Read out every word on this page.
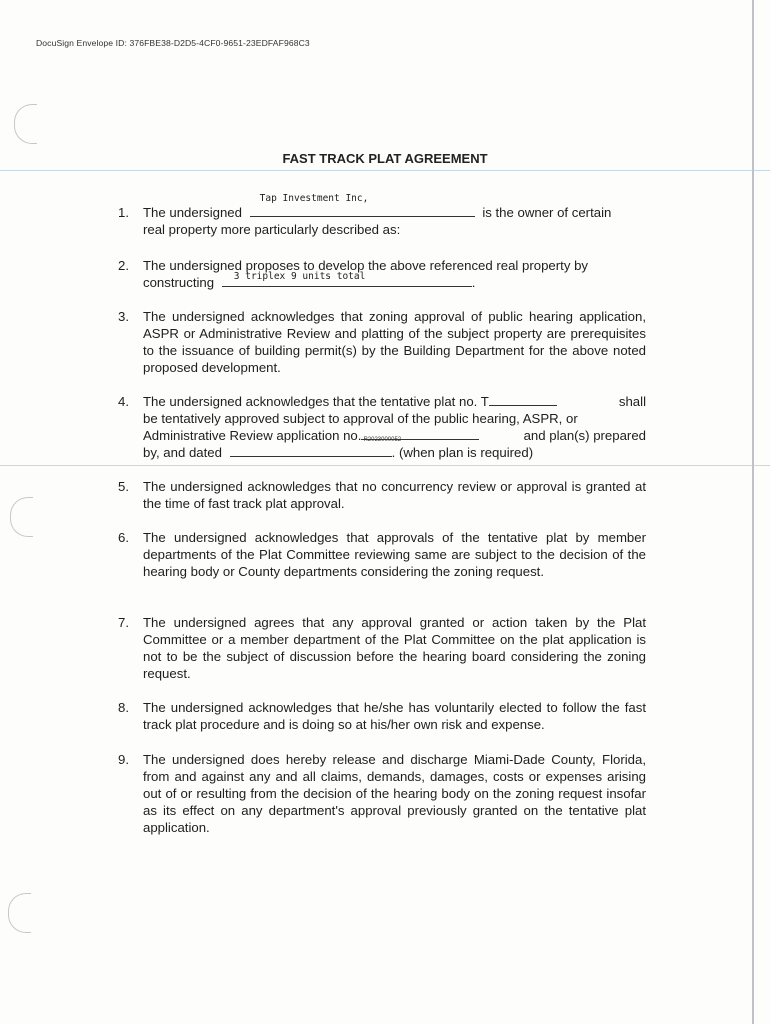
DocuSign Envelope ID: 376FBE38-D2D5-4CF0-9651-23EDFAF968C3
FAST TRACK PLAT AGREEMENT
1. The undersigned
Tap Investment Inc,
is the owner of certain
real property more particularly described as:
2. The undersigned proposes to develop the above referenced real property by
constructing 3 triplex 9 units total	.
3. The undersigned acknowledges that zoning approval of public hearing application, ASPR or Administrative Review and platting of the subject property are prerequisites to the issuance of building permit(s) by the Building Department for the above noted proposed development.
4. The undersigned acknowledges that the tentative plat no. T	shall
be tentatively approved subject to approval of the public hearing, ASPR, or
Administrative Review application no. R2023000052	and plan(s) prepared
by, and dated	. (when plan is required)
5. The undersigned acknowledges that no concurrency review or approval is granted at the time of fast track plat approval.
6. The undersigned acknowledges that approvals of the tentative plat by member departments of the Plat Committee reviewing same are subject to the decision of the hearing body or County departments considering the zoning request.
7. The undersigned agrees that any approval granted or action taken by the Plat Committee or a member department of the Plat Committee on the plat application is not to be the subject of discussion before the hearing board considering the zoning request.
8. The undersigned acknowledges that he/she has voluntarily elected to follow the fast track plat procedure and is doing so at his/her own risk and expense.
9. The undersigned does hereby release and discharge Miami-Dade County, Florida, from and against any and all claims, demands, damages, costs or expenses arising out of or resulting from the decision of the hearing body on the zoning request insofar as its effect on any department's approval previously granted on the tentative plat application.
